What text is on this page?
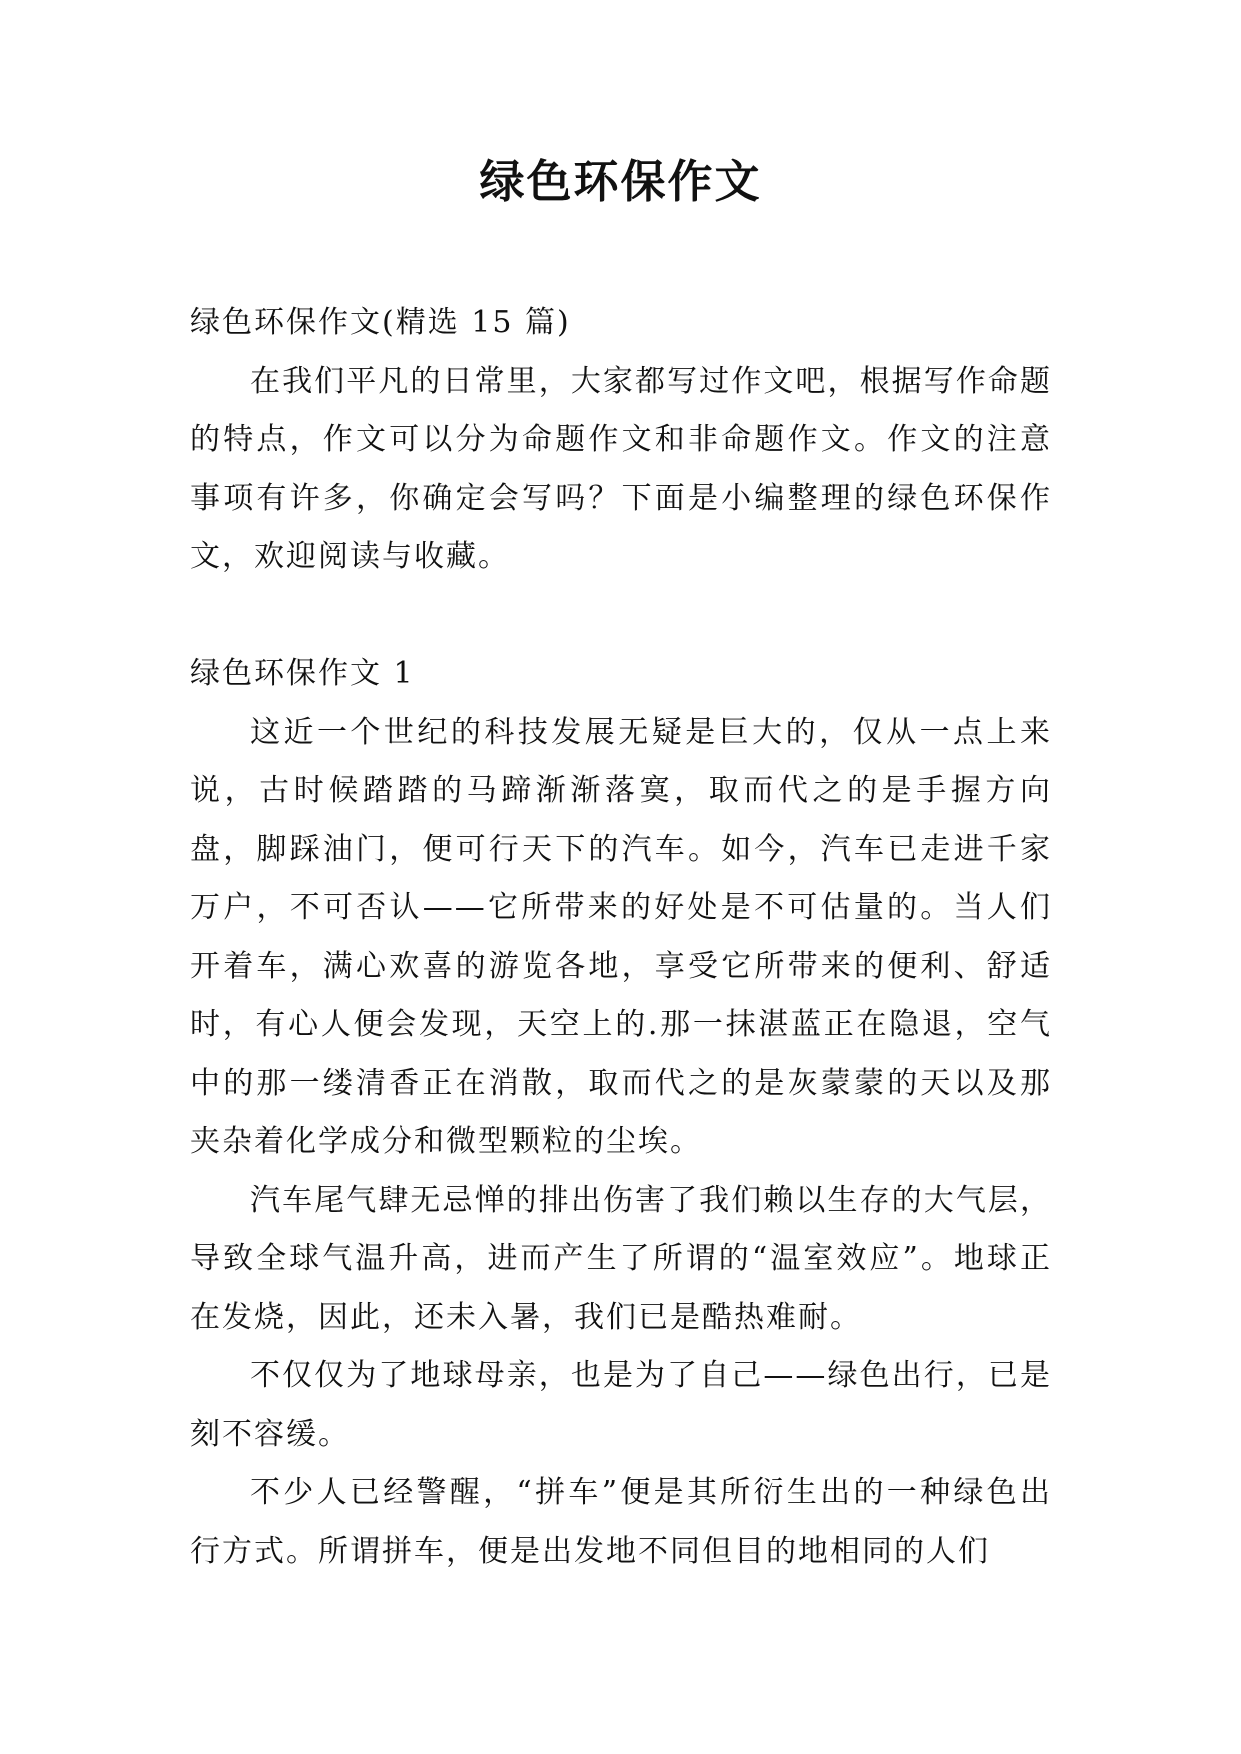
绿色环保作文

绿色环保作文(精选 15 篇)

在我们平凡的日常里，大家都写过作文吧，根据写作命题的特点，作文可以分为命题作文和非命题作文。作文的注意事项有许多，你确定会写吗？下面是小编整理的绿色环保作文，欢迎阅读与收藏。

绿色环保作文 1

这近一个世纪的科技发展无疑是巨大的，仅从一点上来说，古时候踏踏的马蹄渐渐落寞，取而代之的是手握方向盘，脚踩油门，便可行天下的汽车。如今，汽车已走进千家万户，不可否认——它所带来的好处是不可估量的。当人们开着车，满心欢喜的游览各地，享受它所带来的便利、舒适时，有心人便会发现，天空上的.那一抹湛蓝正在隐退，空气中的那一缕清香正在消散，取而代之的是灰蒙蒙的天以及那夹杂着化学成分和微型颗粒的尘埃。

汽车尾气肆无忌惮的排出伤害了我们赖以生存的大气层，导致全球气温升高，进而产生了所谓的“温室效应”。地球正在发烧，因此，还未入暑，我们已是酷热难耐。

不仅仅为了地球母亲，也是为了自己——绿色出行，已是刻不容缓。

不少人已经警醒，“拼车”便是其所衍生出的一种绿色出行方式。所谓拼车，便是出发地不同但目的地相同的人们
